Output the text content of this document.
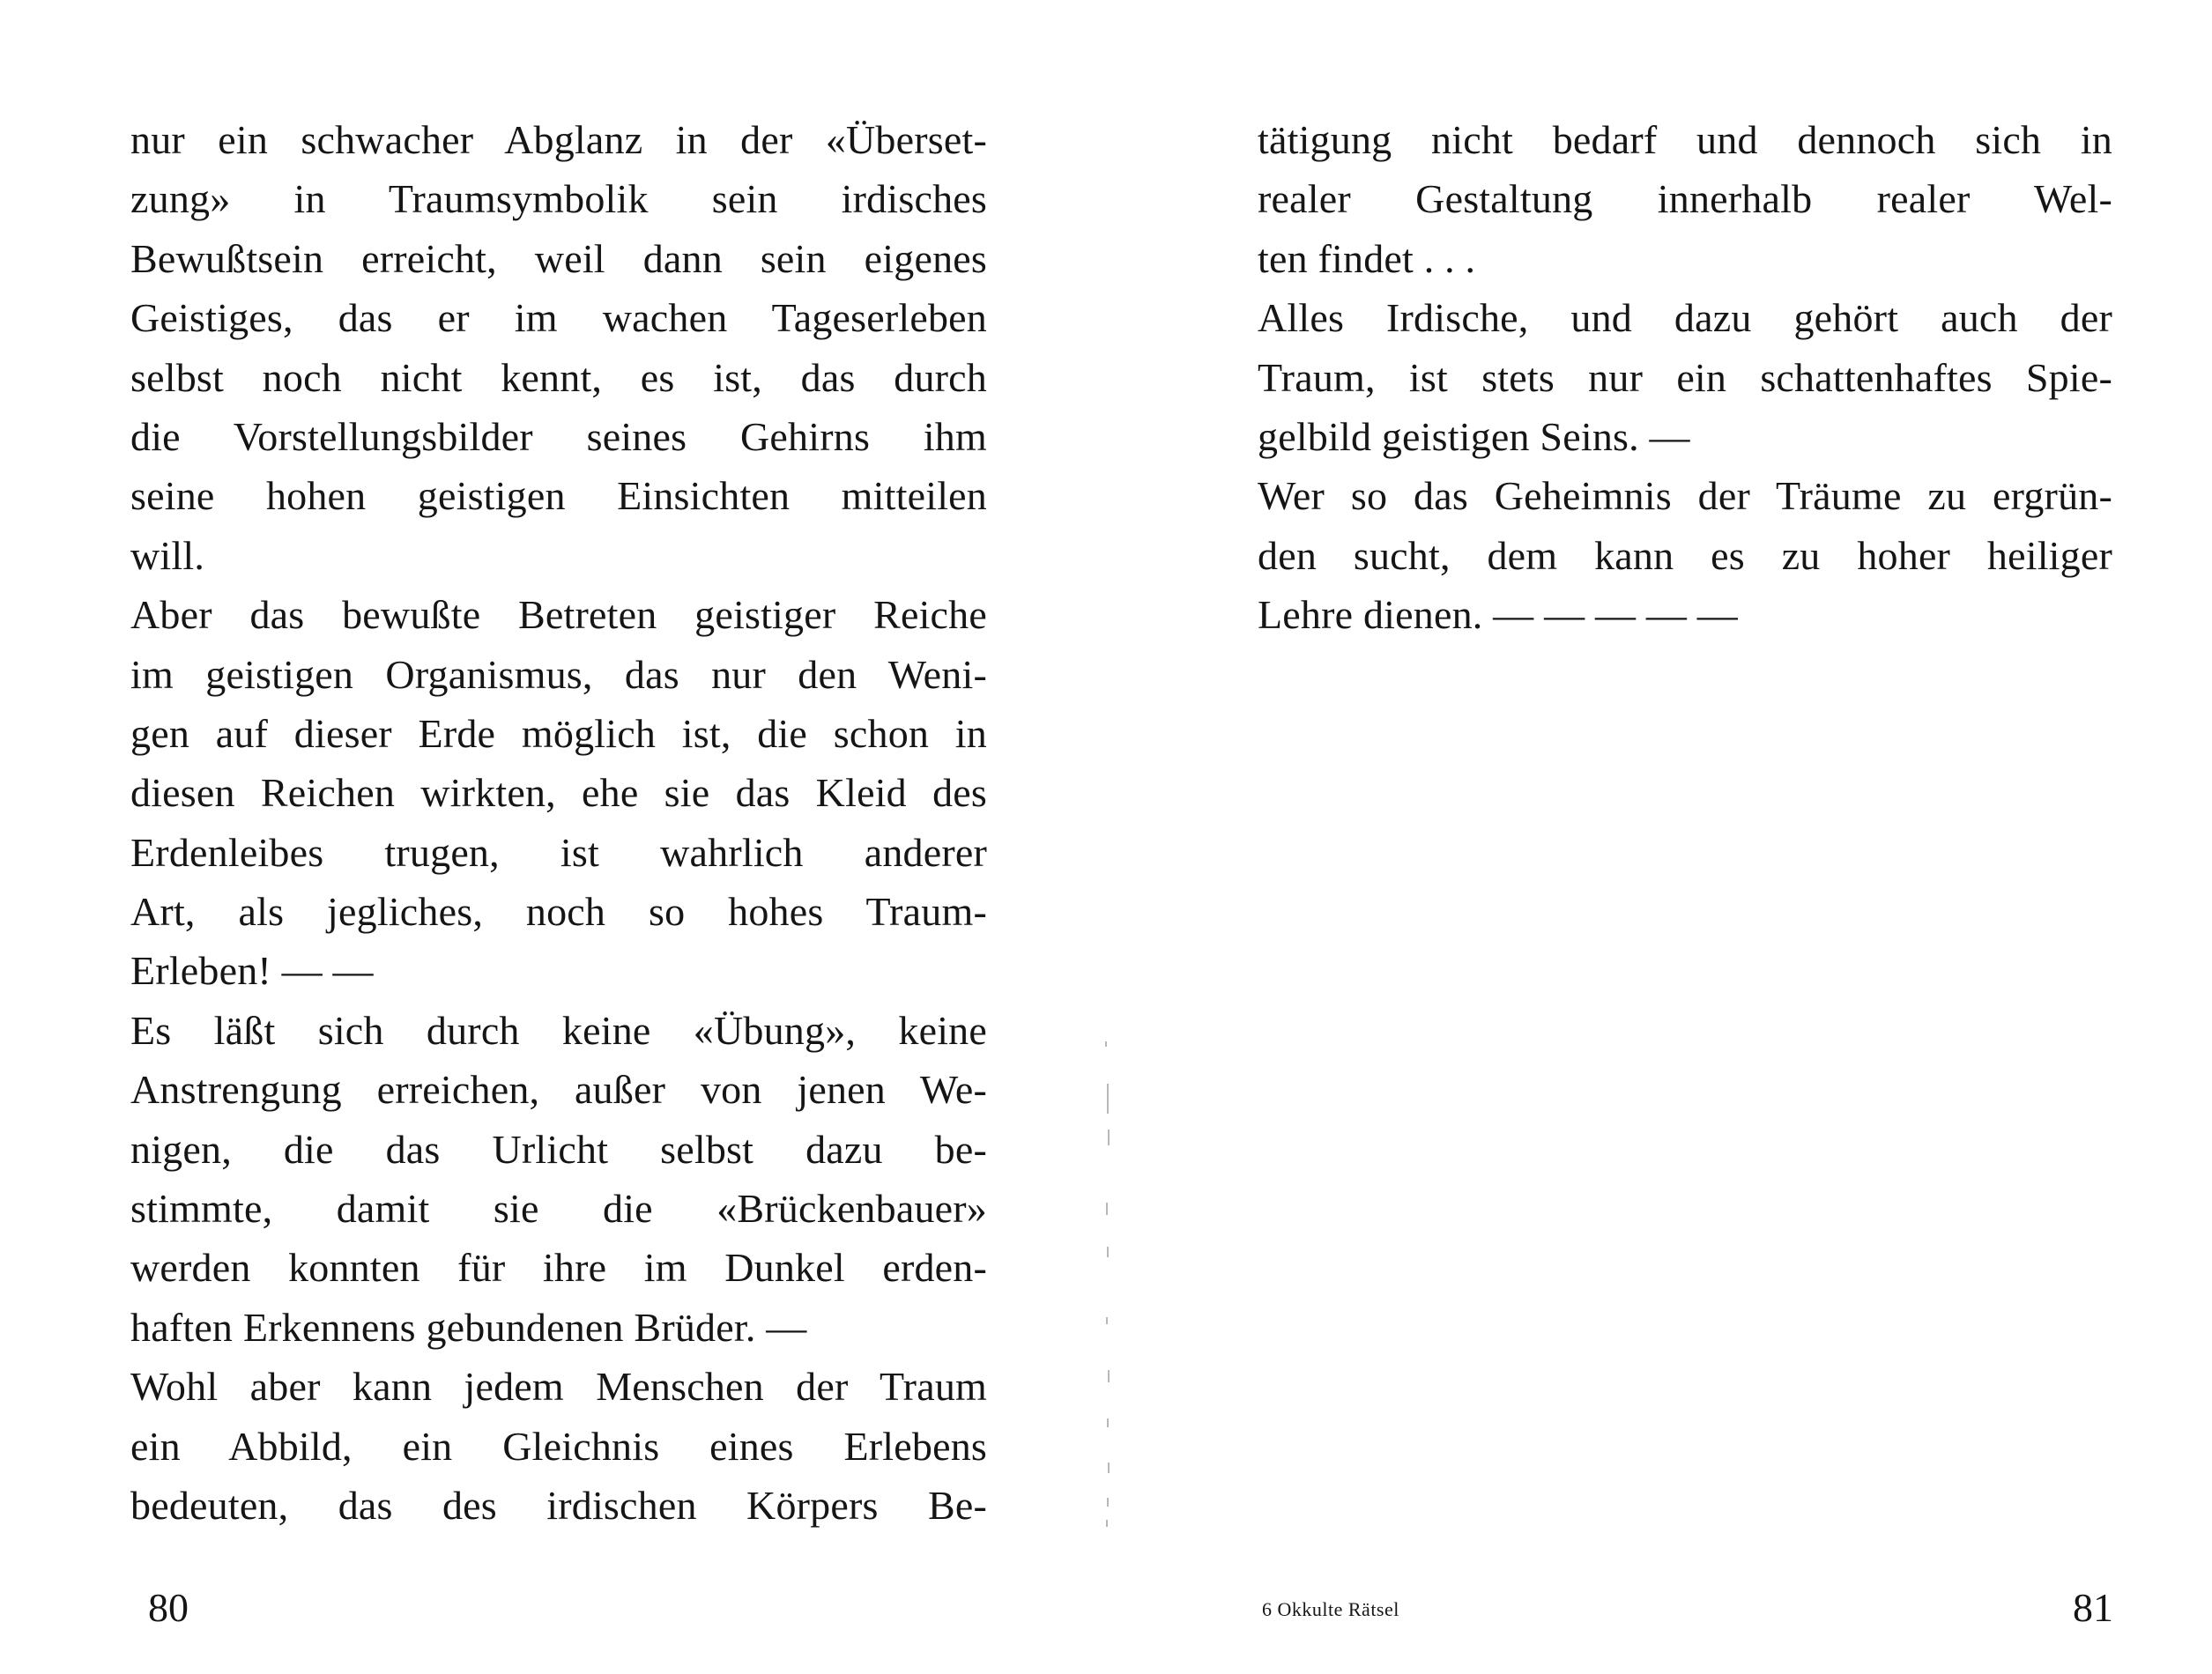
nur ein schwacher Abglanz in der «Überset-
zung» in Traumsymbolik sein irdisches
Bewußtsein erreicht, weil dann sein eigenes
Geistiges, das er im wachen Tageserleben
selbst noch nicht kennt, es ist, das durch
die Vorstellungsbilder seines Gehirns ihm
seine hohen geistigen Einsichten mitteilen
will.
Aber das bewußte Betreten geistiger Reiche
im geistigen Organismus, das nur den Weni-
gen auf dieser Erde möglich ist, die schon in
diesen Reichen wirkten, ehe sie das Kleid des
Erdenleibes trugen, ist wahrlich anderer
Art, als jegliches, noch so hohes Traum-
Erleben! — —
Es läßt sich durch keine «Übung», keine
Anstrengung erreichen, außer von jenen We-
nigen, die das Urlicht selbst dazu be-
stimmte, damit sie die «Brückenbauer»
werden konnten für ihre im Dunkel erden-
haften Erkennens gebundenen Brüder. —
Wohl aber kann jedem Menschen der Traum
ein Abbild, ein Gleichnis eines Erlebens
bedeuten, das des irdischen Körpers Be-
80
tätigung nicht bedarf und dennoch sich in
realer Gestaltung innerhalb realer Wel-
ten findet . . .
Alles Irdische, und dazu gehört auch der
Traum, ist stets nur ein schattenhaftes Spie-
gelbild geistigen Seins. —
Wer so das Geheimnis der Träume zu ergrün-
den sucht, dem kann es zu hoher heiliger
Lehre dienen. — — — — —
6 Okkulte Rätsel	81
